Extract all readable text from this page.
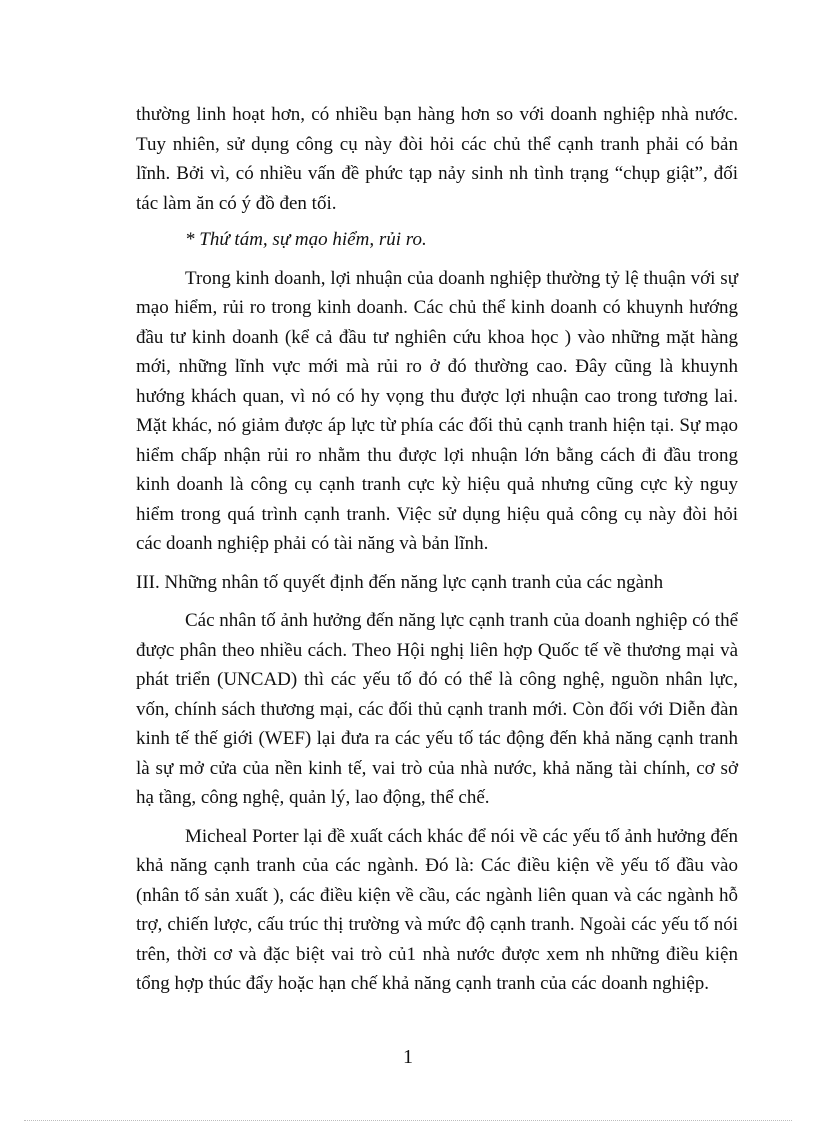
thường linh hoạt hơn, có nhiều bạn hàng hơn so với doanh nghiệp nhà nước. Tuy nhiên, sử dụng công cụ này đòi hỏi các chủ thể cạnh tranh phải có bản lĩnh. Bởi vì, có nhiều vấn đề phức tạp nảy sinh nh tình trạng “chụp giật”, đối tác làm ăn có ý đồ đen tối.

* Thứ tám, sự mạo hiểm, rủi ro.

Trong kinh doanh, lợi nhuận của doanh nghiệp thường tỷ lệ thuận với sự mạo hiểm, rủi ro trong kinh doanh. Các chủ thể kinh doanh có khuynh hướng đầu tư kinh doanh (kể cả đầu tư nghiên cứu khoa học ) vào những mặt hàng mới, những lĩnh vực mới mà rủi ro ở đó thường cao. Đây cũng là khuynh hướng khách quan, vì nó có hy vọng thu được lợi nhuận cao trong tương lai. Mặt khác, nó giảm được áp lực từ phía các đối thủ cạnh tranh hiện tại. Sự mạo hiểm chấp nhận rủi ro nhằm thu được lợi nhuận lớn bằng cách đi đầu trong kinh doanh là công cụ cạnh tranh cực kỳ hiệu quả nhưng cũng cực kỳ nguy hiểm trong quá trình cạnh tranh. Việc sử dụng hiệu quả công cụ này đòi hỏi các doanh nghiệp phải có tài năng và bản lĩnh.

III. Những nhân tố quyết định đến năng lực cạnh tranh của các ngành

Các nhân tố ảnh hưởng đến năng lực cạnh tranh của doanh nghiệp có thể được phân theo nhiều cách. Theo Hội nghị liên hợp Quốc tế về thương mại và phát triển (UNCAD) thì các yếu tố đó có thể là công nghệ, nguồn nhân lực, vốn, chính sách thương mại, các đối thủ cạnh tranh mới. Còn đối với Diễn đàn kinh tế thế giới (WEF) lại đưa ra các yếu tố tác động đến khả năng cạnh tranh là sự mở cửa của nền kinh tế, vai trò của nhà nước, khả năng tài chính, cơ sở hạ tầng, công nghệ, quản lý, lao động, thể chế.

Micheal Porter lại đề xuất cách khác để nói về các yếu tố ảnh hưởng đến khả năng cạnh tranh của các ngành. Đó là: Các điều kiện về yếu tố đầu vào (nhân tố sản xuất ), các điều kiện về cầu, các ngành liên quan và các ngành hỗ trợ, chiến lược, cấu trúc thị trường và mức độ cạnh tranh. Ngoài các yếu tố nói trên, thời cơ và đặc biệt vai trò củ1 nhà nước được xem nh những điều kiện tổng hợp thúc đẩy hoặc hạn chế khả năng cạnh tranh của các doanh nghiệp.

1
